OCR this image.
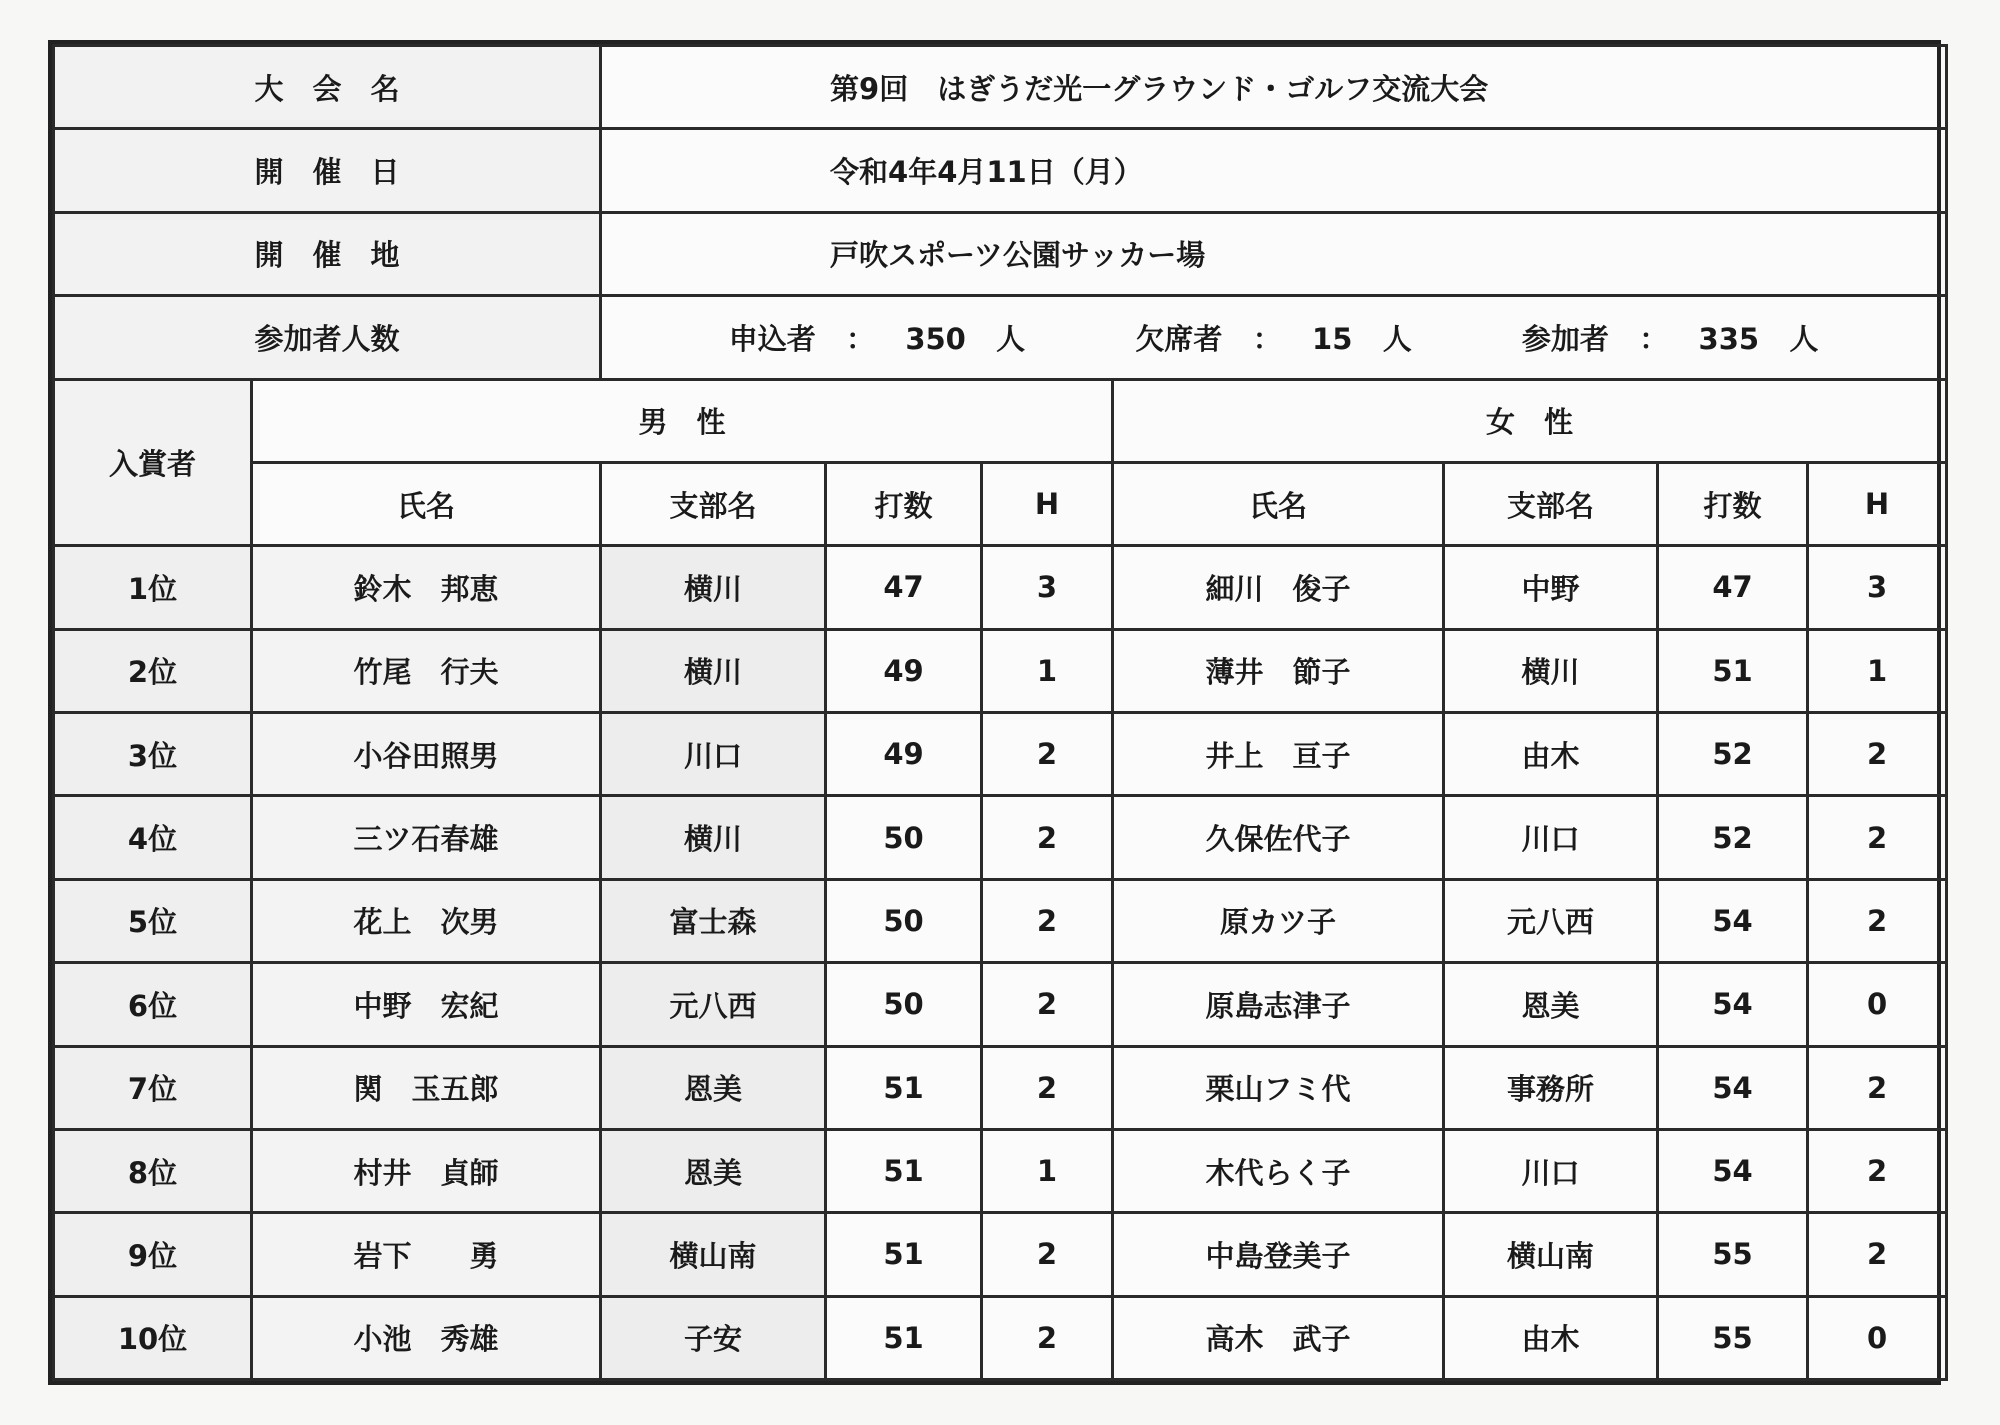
大　会　名		第9回　はぎうだ光一グラウンド・ゴルフ交流大会						
開　催　日		令和4年4月11日（月）						
開　催　地		戸吹スポーツ公園サッカー場						
参加者人数		申込者 ： 350 人 欠席者 ： 15 人 参加者 ： 335 人						
入賞者	男　性				女　性			
	氏名	支部名	打数	H	氏名	支部名	打数	H
1位	鈴木　邦恵	横川	47	3	細川　俊子	中野	47	3
2位	竹尾　行夫	横川	49	1	薄井　節子	横川	51	1
3位	小谷田照男	川口	49	2	井上　亘子	由木	52	2
4位	三ツ石春雄	横川	50	2	久保佐代子	川口	52	2
5位	花上　次男	富士森	50	2	原カツ子	元八西	54	2
6位	中野　宏紀	元八西	50	2	原島志津子	恩美	54	0
7位	関　玉五郎	恩美	51	2	栗山フミ代	事務所	54	2
8位	村井　貞師	恩美	51	1	木代らく子	川口	54	2
9位	岩下　　勇	横山南	51	2	中島登美子	横山南	55	2
10位	小池　秀雄	子安	51	2	高木　武子	由木	55	0
